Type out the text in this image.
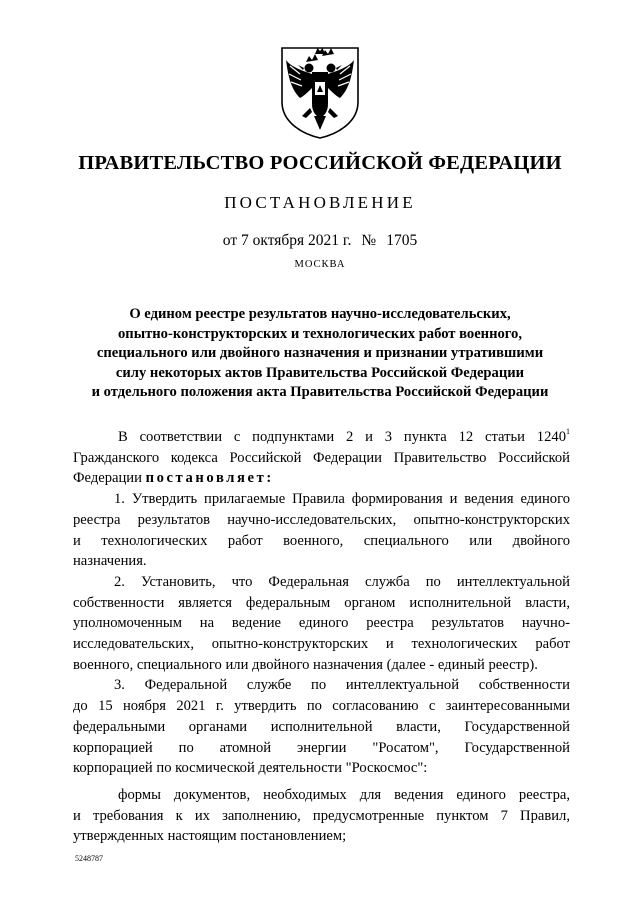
ПРАВИТЕЛЬСТВО РОССИЙСКОЙ ФЕДЕРАЦИИ
ПОСТАНОВЛЕНИЕ
от 7 октября 2021 г. № 1705
МОСКВА
О едином реестре результатов научно-исследовательских,
опытно-конструкторских и технологических работ военного,
специального или двойного назначения и признании утратившими
силу некоторых актов Правительства Российской Федерации
и отдельного положения акта Правительства Российской Федерации
В соответствии с подпунктами 2 и 3 пункта 12 статьи 1240$^1$
Гражданского кодекса Российской Федерации Правительство Российской
Федерации постановляет:
1. Утвердить прилагаемые Правила формирования и ведения единого
реестра результатов научно-исследовательских, опытно-конструкторских
и технологических работ военного, специального или двойного
назначения.
2. Установить, что Федеральная служба по интеллектуальной
собственности является федеральным органом исполнительной власти,
уполномоченным на ведение единого реестра результатов научно-
исследовательских, опытно-конструкторских и технологических работ
военного, специального или двойного назначения (далее - единый реестр).
3. Федеральной службе по интеллектуальной собственности
до 15 ноября 2021 г. утвердить по согласованию с заинтересованными
федеральными органами исполнительной власти, Государственной
корпорацией по атомной энергии "Росатом", Государственной
корпорацией по космической деятельности "Роскосмос":
формы документов, необходимых для ведения единого реестра,
и требования к их заполнению, предусмотренные пунктом 7 Правил,
утвержденных настоящим постановлением;
5248787
